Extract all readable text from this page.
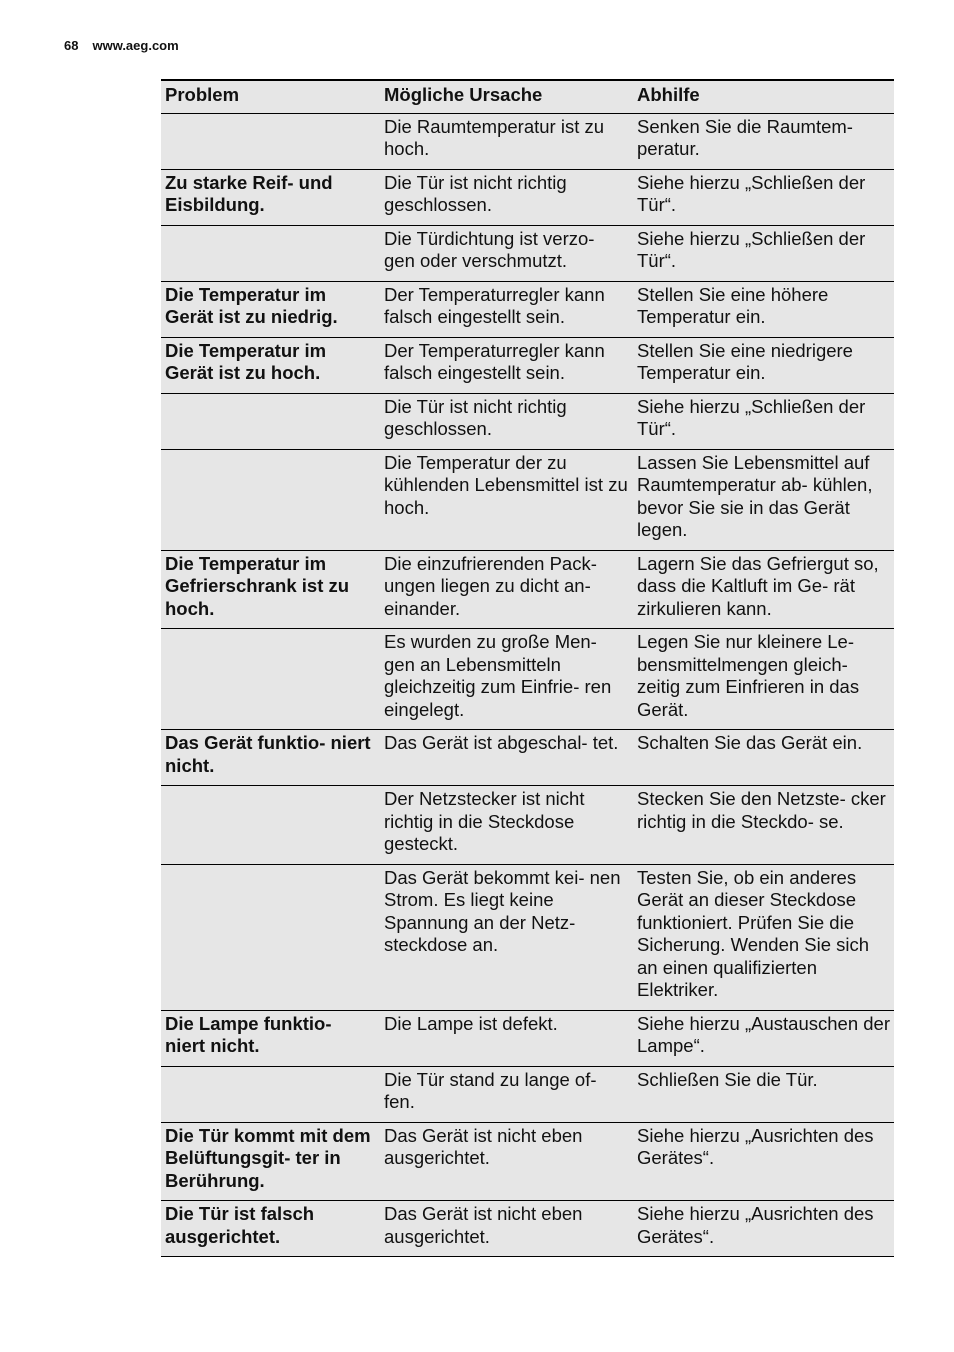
68 www.aeg.com
Problem	Mögliche Ursache	Abhilfe
	Die Raumtemperatur ist zu hoch.	Senken Sie die Raumtem- peratur.
Zu starke Reif- und Eisbildung.	Die Tür ist nicht richtig geschlossen.	Siehe hierzu „Schließen der Tür“.
	Die Türdichtung ist verzo- gen oder verschmutzt.	Siehe hierzu „Schließen der Tür“.
Die Temperatur im Gerät ist zu niedrig.	Der Temperaturregler kann falsch eingestellt sein.	Stellen Sie eine höhere Temperatur ein.
Die Temperatur im Gerät ist zu hoch.	Der Temperaturregler kann falsch eingestellt sein.	Stellen Sie eine niedrigere Temperatur ein.
	Die Tür ist nicht richtig geschlossen.	Siehe hierzu „Schließen der Tür“.
	Die Temperatur der zu kühlenden Lebensmittel ist zu hoch.	Lassen Sie Lebensmittel auf Raumtemperatur ab- kühlen, bevor Sie sie in das Gerät legen.
Die Temperatur im Gefrierschrank ist zu hoch.	Die einzufrierenden Pack- ungen liegen zu dicht an- einander.	Lagern Sie das Gefriergut so, dass die Kaltluft im Ge- rät zirkulieren kann.
	Es wurden zu große Men- gen an Lebensmitteln gleichzeitig zum Einfrie- ren eingelegt.	Legen Sie nur kleinere Le- bensmittelmengen gleich- zeitig zum Einfrieren in das Gerät.
Das Gerät funktio- niert nicht.	Das Gerät ist abgeschal- tet.	Schalten Sie das Gerät ein.
	Der Netzstecker ist nicht richtig in die Steckdose gesteckt.	Stecken Sie den Netzste- cker richtig in die Steckdo- se.
	Das Gerät bekommt kei- nen Strom. Es liegt keine Spannung an der Netz- steckdose an.	Testen Sie, ob ein anderes Gerät an dieser Steckdose funktioniert. Prüfen Sie die Sicherung. Wenden Sie sich an einen qualifizierten Elektriker.
Die Lampe funktio- niert nicht.	Die Lampe ist defekt.	Siehe hierzu „Austauschen der Lampe“.
	Die Tür stand zu lange of- fen.	Schließen Sie die Tür.
Die Tür kommt mit dem Belüftungsgit- ter in Berührung.	Das Gerät ist nicht eben ausgerichtet.	Siehe hierzu „Ausrichten des Gerätes“.
Die Tür ist falsch ausgerichtet.	Das Gerät ist nicht eben ausgerichtet.	Siehe hierzu „Ausrichten des Gerätes“.
